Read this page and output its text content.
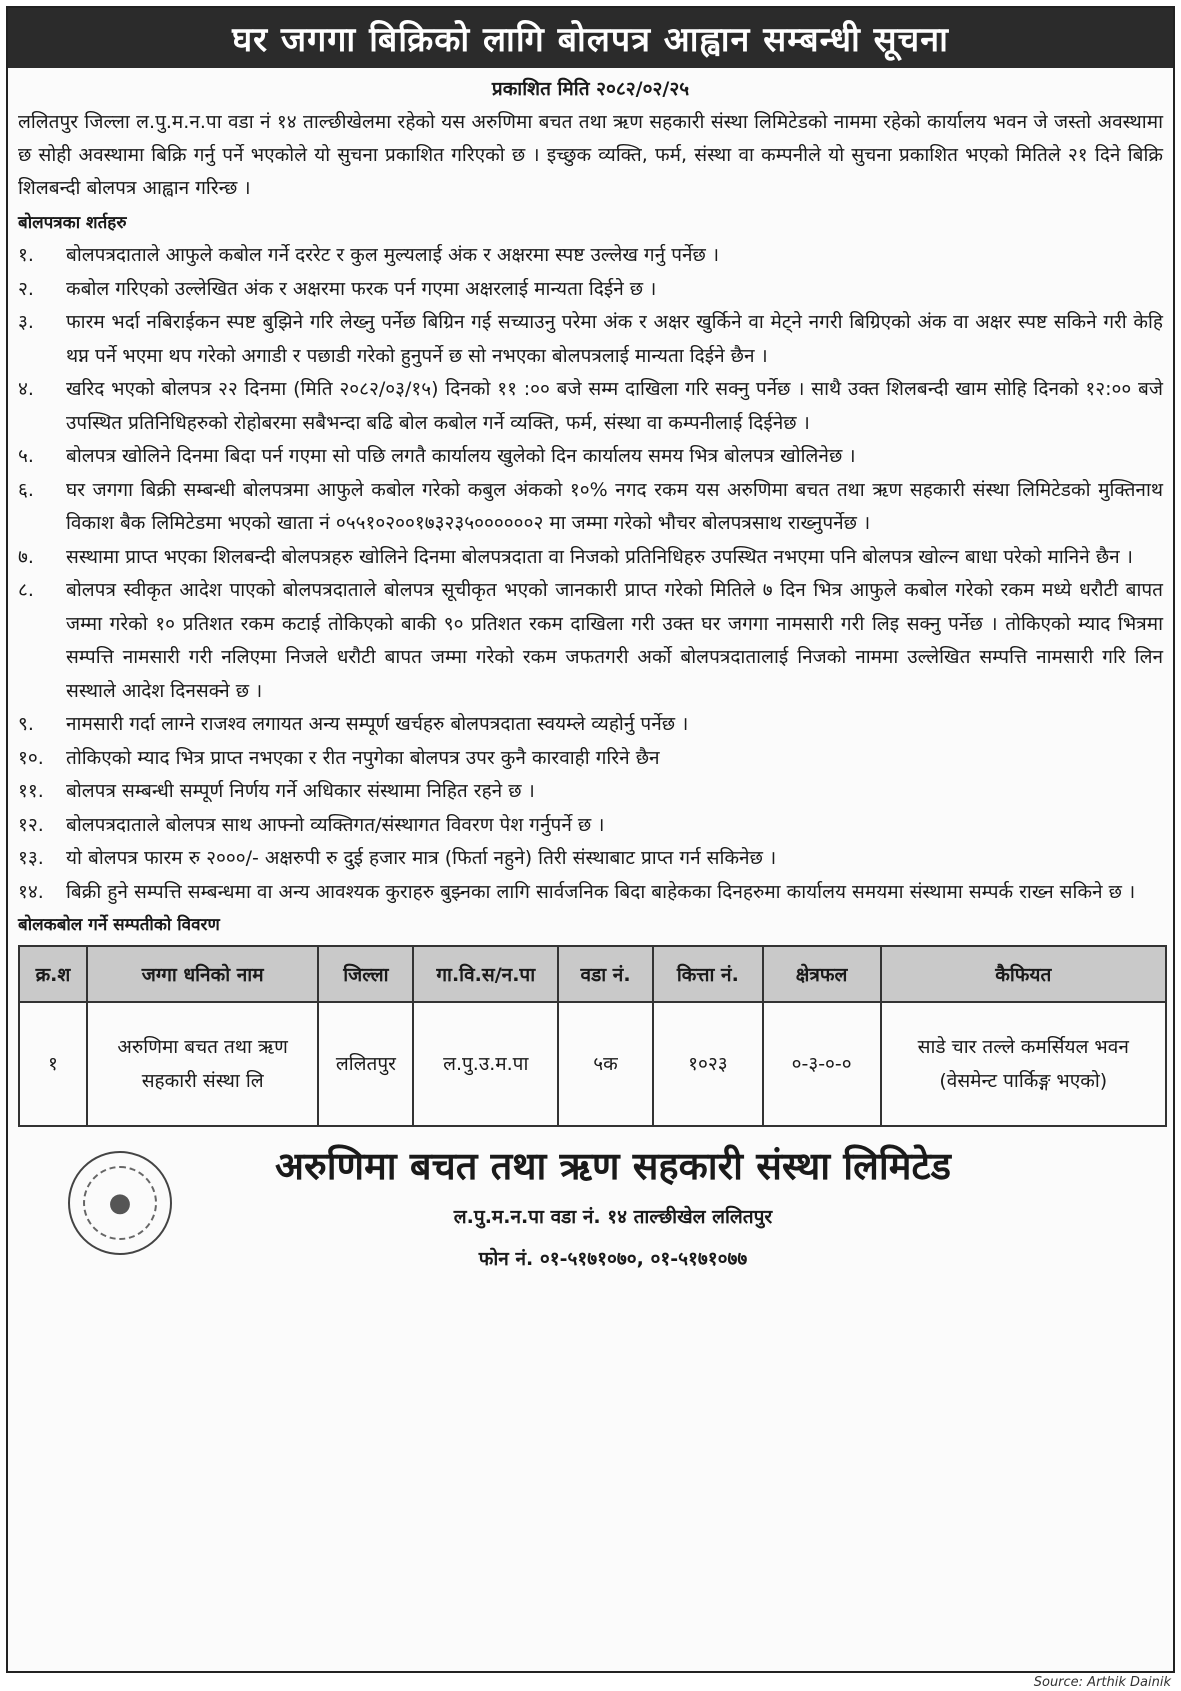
घर जगगा बिक्रिको लागि बोलपत्र आह्वान सम्बन्धी सूचना
प्रकाशित मिति २०८२/०२/२५

ललितपुर जिल्ला ल.पु.म.न.पा वडा नं १४ ताल्छीखेलमा रहेको यस अरुणिमा बचत तथा ऋण सहकारी संस्था लिमिटेडको नाममा रहेको कार्यालय भवन जे जस्तो अवस्थामा छ सोही अवस्थामा बिक्रि गर्नु पर्ने भएकोले यो सुचना प्रकाशित गरिएको छ । इच्छुक व्यक्ति, फर्म, संस्था वा कम्पनीले यो सुचना प्रकाशित भएको मितिले २१ दिने बिक्रि शिलबन्दी बोलपत्र आह्वान गरिन्छ ।

बोलपत्रका शर्तहरु
१.	बोलपत्रदाताले आफुले कबोल गर्ने दररेट र कुल मुल्यलाई अंक र अक्षरमा स्पष्ट उल्लेख गर्नु पर्नेछ ।
२.	कबोल गरिएको उल्लेखित अंक र अक्षरमा फरक पर्न गएमा अक्षरलाई मान्यता दिईने छ ।
३.	फारम भर्दा नबिराईकन स्पष्ट बुझिने गरि लेख्नु पर्नेछ बिग्रिन गई सच्याउनु परेमा अंक र अक्षर खुर्किने वा मेट्ने नगरी बिग्रिएको अंक वा अक्षर स्पष्ट सकिने गरी केहि थप्न पर्ने भएमा थप गरेको अगाडी र पछाडी गरेको हुनुपर्ने छ सो नभएका बोलपत्रलाई मान्यता दिईने छैन ।
४.	खरिद भएको बोलपत्र २२ दिनमा (मिति २०८२/०३/१५) दिनको ११ :०० बजे सम्म दाखिला गरि सक्नु पर्नेछ । साथै उक्त शिलबन्दी खाम सोहि दिनको १२:०० बजे उपस्थित प्रतिनिधिहरुको रोहोबरमा सबैभन्दा बढि बोल कबोल गर्ने व्यक्ति, फर्म, संस्था वा कम्पनीलाई दिईनेछ ।
५.	बोलपत्र खोलिने दिनमा बिदा पर्न गएमा सो पछि लगतै कार्यालय खुलेको दिन कार्यालय समय भित्र बोलपत्र खोलिनेछ ।
६.	घर जगगा बिक्री सम्बन्धी बोलपत्रमा आफुले कबोल गरेको कबुल अंकको १०% नगद रकम यस अरुणिमा बचत तथा ऋण सहकारी संस्था लिमिटेडको मुक्तिनाथ विकाश बैक लिमिटेडमा भएको खाता नं ०५५१०२००१७३२३५००००००२ मा जम्मा गरेको भौचर बोलपत्रसाथ राख्नुपर्नेछ ।
७.	सस्थामा प्राप्त भएका शिलबन्दी बोलपत्रहरु खोलिने दिनमा बोलपत्रदाता वा निजको प्रतिनिधिहरु उपस्थित नभएमा पनि बोलपत्र खोल्न बाधा परेको मानिने छैन ।
८.	बोलपत्र स्वीकृत आदेश पाएको बोलपत्रदाताले बोलपत्र सूचीकृत भएको जानकारी प्राप्त गरेको मितिले ७ दिन भित्र आफुले कबोल गरेको रकम मध्ये धरौटी बापत जम्मा गरेको १० प्रतिशत रकम कटाई तोकिएको बाकी ९० प्रतिशत रकम दाखिला गरी उक्त घर जगगा नामसारी गरी लिइ सक्नु पर्नेछ । तोकिएको म्याद भित्रमा सम्पत्ति नामसारी गरी नलिएमा निजले धरौटी बापत जम्मा गरेको रकम जफतगरी अर्को बोलपत्रदातालाई निजको नाममा उल्लेखित सम्पत्ति नामसारी गरि लिन सस्थाले आदेश दिनसक्ने छ ।
९.	नामसारी गर्दा लाग्ने राजश्व लगायत अन्य सम्पूर्ण खर्चहरु बोलपत्रदाता स्वयम्ले व्यहोर्नु पर्नेछ ।
१०.	तोकिएको म्याद भित्र प्राप्त नभएका र रीत नपुगेका बोलपत्र उपर कुनै कारवाही गरिने छैन
११.	बोलपत्र सम्बन्धी सम्पूर्ण निर्णय गर्ने अधिकार संस्थामा निहित रहने छ ।
१२.	बोलपत्रदाताले बोलपत्र साथ आफ्नो व्यक्तिगत/संस्थागत विवरण पेश गर्नुपर्ने छ ।
१३.	यो बोलपत्र फारम रु २०००/- अक्षरुपी रु दुई हजार मात्र (फिर्ता नहुने) तिरी संस्थाबाट प्राप्त गर्न सकिनेछ ।
१४.	बिक्री हुने सम्पत्ति सम्बन्धमा वा अन्य आवश्यक कुराहरु बुझ्नका लागि सार्वजनिक बिदा बाहेकका दिनहरुमा कार्यालय समयमा संस्थामा सम्पर्क राख्न सकिने छ ।
बोलकबोल गर्ने सम्पतीको विवरण
क्र.श	जग्गा धनिको नाम	जिल्ला	गा.वि.स/न.पा	वडा नं.	कित्ता नं.	क्षेत्रफल	कैफियत
१	अरुणिमा बचत तथा ऋण सहकारी संस्था लि	ललितपुर	ल.पु.उ.म.पा	५क	१०२३	०-३-०-०	साडे चार तल्ले कमर्सियल भवन (वेसमेन्ट पार्किङ्ग भएको)
●
अरुणिमा बचत तथा ऋण सहकारी संस्था लिमिटेड
ल.पु.म.न.पा वडा नं. १४ ताल्छीखेल ललितपुर
फोन नं. ०१-५१७१०७०, ०१-५१७१०७७
Source: Arthik Dainik
